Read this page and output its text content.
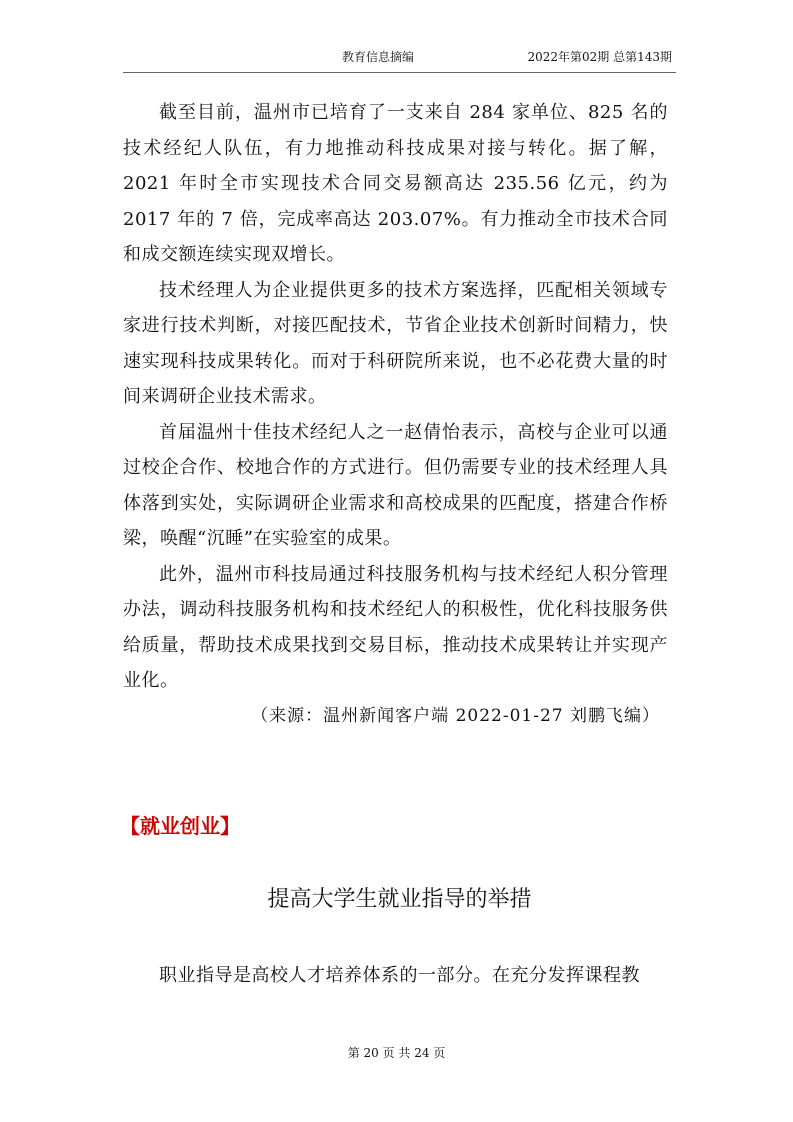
教育信息摘编	2022年第02期 总第143期

截至目前，温州市已培育了一支来自 284 家单位、825 名的技术经纪人队伍，有力地推动科技成果对接与转化。据了解，2021 年时全市实现技术合同交易额高达 235.56 亿元，约为 2017 年的 7 倍，完成率高达 203.07%。有力推动全市技术合同和成交额连续实现双增长。

技术经理人为企业提供更多的技术方案选择，匹配相关领域专家进行技术判断，对接匹配技术，节省企业技术创新时间精力，快速实现科技成果转化。而对于科研院所来说，也不必花费大量的时间来调研企业技术需求。

首届温州十佳技术经纪人之一赵倩怡表示，高校与企业可以通过校企合作、校地合作的方式进行。但仍需要专业的技术经理人具体落到实处，实际调研企业需求和高校成果的匹配度，搭建合作桥梁，唤醒“沉睡”在实验室的成果。

此外，温州市科技局通过科技服务机构与技术经纪人积分管理办法，调动科技服务机构和技术经纪人的积极性，优化科技服务供给质量，帮助技术成果找到交易目标，推动技术成果转让并实现产业化。

（来源：温州新闻客户端 2022-01-27 刘鹏飞编）

【就业创业】
提高大学生就业指导的举措

职业指导是高校人才培养体系的一部分。在充分发挥课程教

第 20 页 共 24 页
